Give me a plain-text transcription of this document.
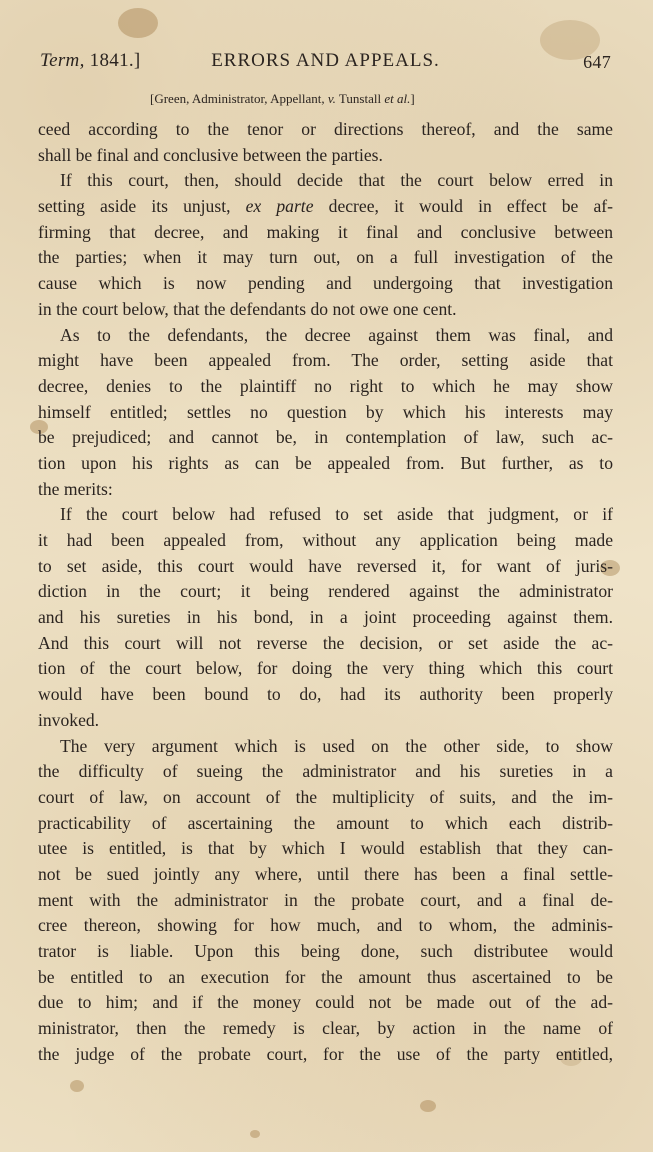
Term, 1841.]	ERRORS AND APPEALS.	647
[Green, Administrator, Appellant, v. Tunstall et al.]
ceed according to the tenor or directions thereof, and the same
shall be final and conclusive between the parties.
If this court, then, should decide that the court below erred in
setting aside its unjust, ex parte decree, it would in effect be af-
firming that decree, and making it final and conclusive between
the parties; when it may turn out, on a full investigation of the
cause which is now pending and undergoing that investigation
in the court below, that the defendants do not owe one cent.
As to the defendants, the decree against them was final, and
might have been appealed from. The order, setting aside that
decree, denies to the plaintiff no right to which he may show
himself entitled; settles no question by which his interests may
be prejudiced; and cannot be, in contemplation of law, such ac-
tion upon his rights as can be appealed from. But further, as to
the merits:
If the court below had refused to set aside that judgment, or if
it had been appealed from, without any application being made
to set aside, this court would have reversed it, for want of juris-
diction in the court; it being rendered against the administrator
and his sureties in his bond, in a joint proceeding against them.
And this court will not reverse the decision, or set aside the ac-
tion of the court below, for doing the very thing which this court
would have been bound to do, had its authority been properly
invoked.
The very argument which is used on the other side, to show
the difficulty of sueing the administrator and his sureties in a
court of law, on account of the multiplicity of suits, and the im-
practicability of ascertaining the amount to which each distrib-
utee is entitled, is that by which I would establish that they can-
not be sued jointly any where, until there has been a final settle-
ment with the administrator in the probate court, and a final de-
cree thereon, showing for how much, and to whom, the adminis-
trator is liable. Upon this being done, such distributee would
be entitled to an execution for the amount thus ascertained to be
due to him; and if the money could not be made out of the ad-
ministrator, then the remedy is clear, by action in the name of
the judge of the probate court, for the use of the party entitled,
